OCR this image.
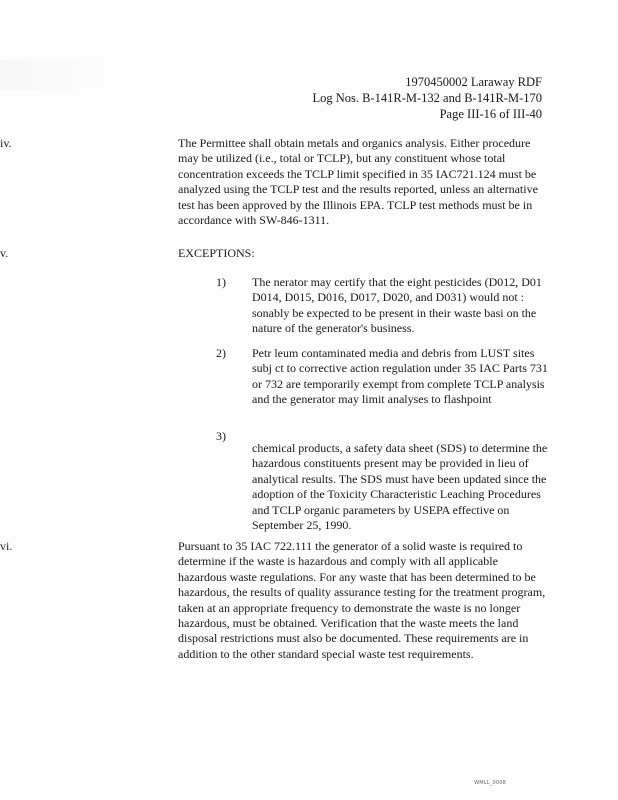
1970450002 Laraway RDF
Log Nos. B-141R-M-132 and B-141R-M-170
Page III-16 of III-40
iv.	The Permittee shall obtain metals and organics analysis. Either procedure may be utilized (i.e., total or TCLP), but any constituent whose total concentration exceeds the TCLP limit specified in 35 IAC721.124 must be analyzed using the TCLP test and the results reported, unless an alternative test has been approved by the Illinois EPA. TCLP test methods must be in accordance with SW-846-1311.

v.	EXCEPTIONS:

1)	The nerator may certify that the eight pesticides (D012, D01 D014, D015, D016, D017, D020, and D031) would not : sonably be expected to be present in their waste basi on the nature of the generator's business.

2)	Petr leum contaminated media and debris from LUST sites subj ct to corrective action regulation under 35 IAC Parts 731 or 732 are temporarily exempt from complete TCLP analysis and the generator may limit analyses to flashpoint

3)

chemical products, a safety data sheet (SDS) to determine the hazardous constituents present may be provided in lieu of analytical results. The SDS must have been updated since the adoption of the Toxicity Characteristic Leaching Procedures and TCLP organic parameters by USEPA effective on September 25, 1990.

vi.	Pursuant to 35 IAC 722.111 the generator of a solid waste is required to determine if the waste is hazardous and comply with all applicable hazardous waste regulations. For any waste that has been determined to be hazardous, the results of quality assurance testing for the treatment program, taken at an appropriate frequency to demonstrate the waste is no longer hazardous, must be obtained. Verification that the waste meets the land disposal restrictions must also be documented. These requirements are in addition to the other standard special waste test requirements.

WMLL_0008
